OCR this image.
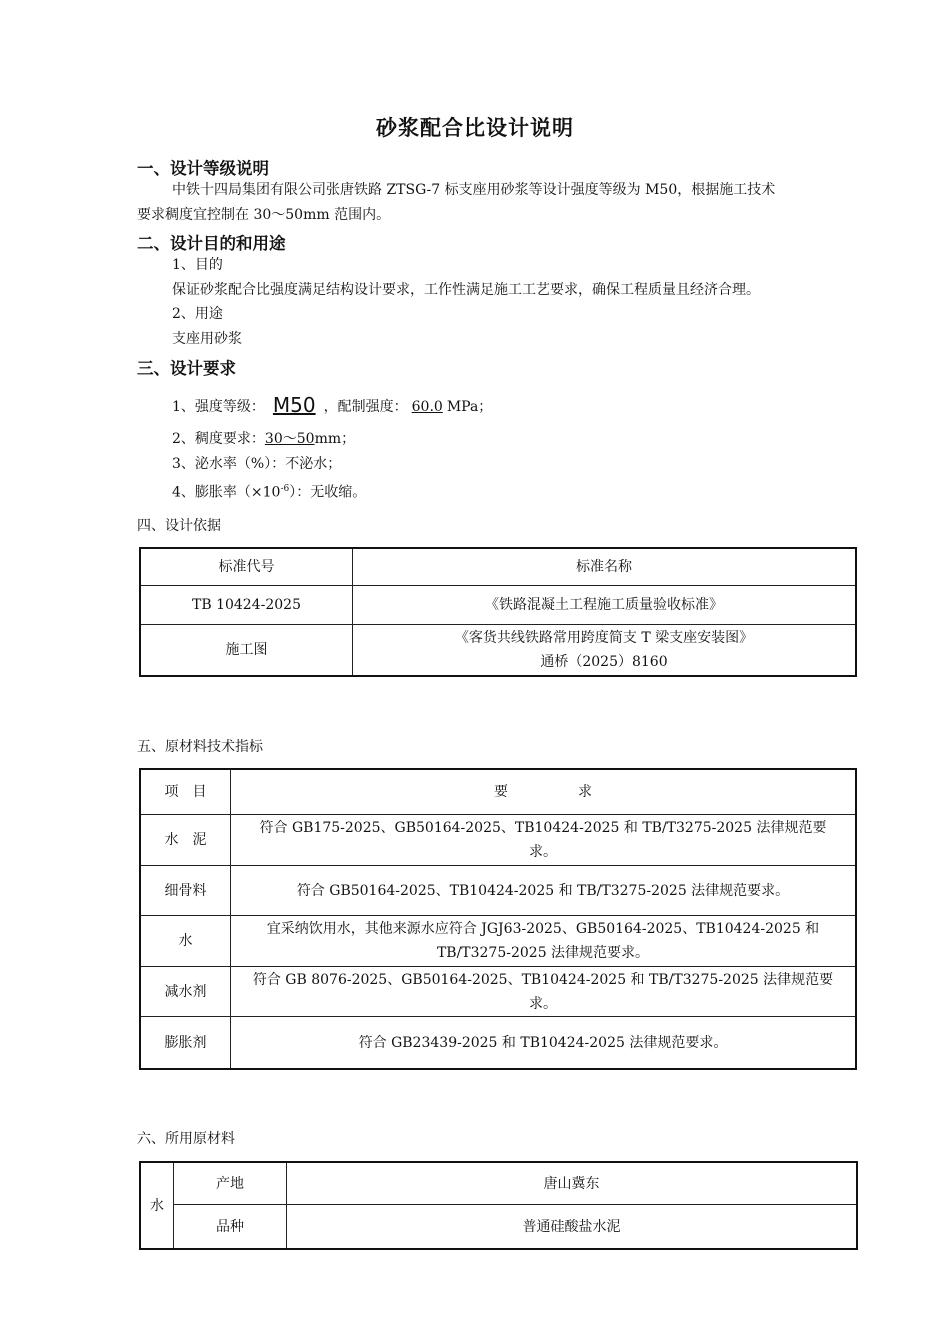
砂浆配合比设计说明
一、设计等级说明
中铁十四局集团有限公司张唐铁路 ZTSG-7 标支座用砂浆等设计强度等级为 M50，根据施工技术
要求稠度宜控制在 30～50mm 范围内。
二、设计目的和用途
1、目的
保证砂浆配合比强度满足结构设计要求，工作性满足施工工艺要求，确保工程质量且经济合理。
2、用途
支座用砂浆
三、设计要求
1、强度等级： M50 ，配制强度： 60.0 MPa；
2、稠度要求：30～50mm；
3、泌水率（%）：不泌水；
4、膨胀率$(\times 10^{-6})$：无收缩。
四、设计依据
标准代号	标准名称
TB 10424-2025	《铁路混凝土工程施工质量验收标准》
施工图	《客货共线铁路常用跨度简支 T 梁支座安装图》
通桥（2025）8160
五、原材料技术指标
项　目	要　　　　　求
水　泥	符合 GB175-2025、GB50164-2025、TB10424-2025 和 TB/T3275-2025 法律规范要
求。

细骨料	符合 GB50164-2025、TB10424-2025 和 TB/T3275-2025 法律规范要求。
水	宜采纳饮用水，其他来源水应符合 JGJ63-2025、GB50164-2025、TB10424-2025 和
TB/T3275-2025 法律规范要求。

减水剂	符合 GB 8076-2025、GB50164-2025、TB10424-2025 和 TB/T3275-2025 法律规范要
求。

膨胀剂	符合 GB23439-2025 和 TB10424-2025 法律规范要求。
六、所用原材料
水	产地	唐山冀东
	品种	普通硅酸盐水泥
